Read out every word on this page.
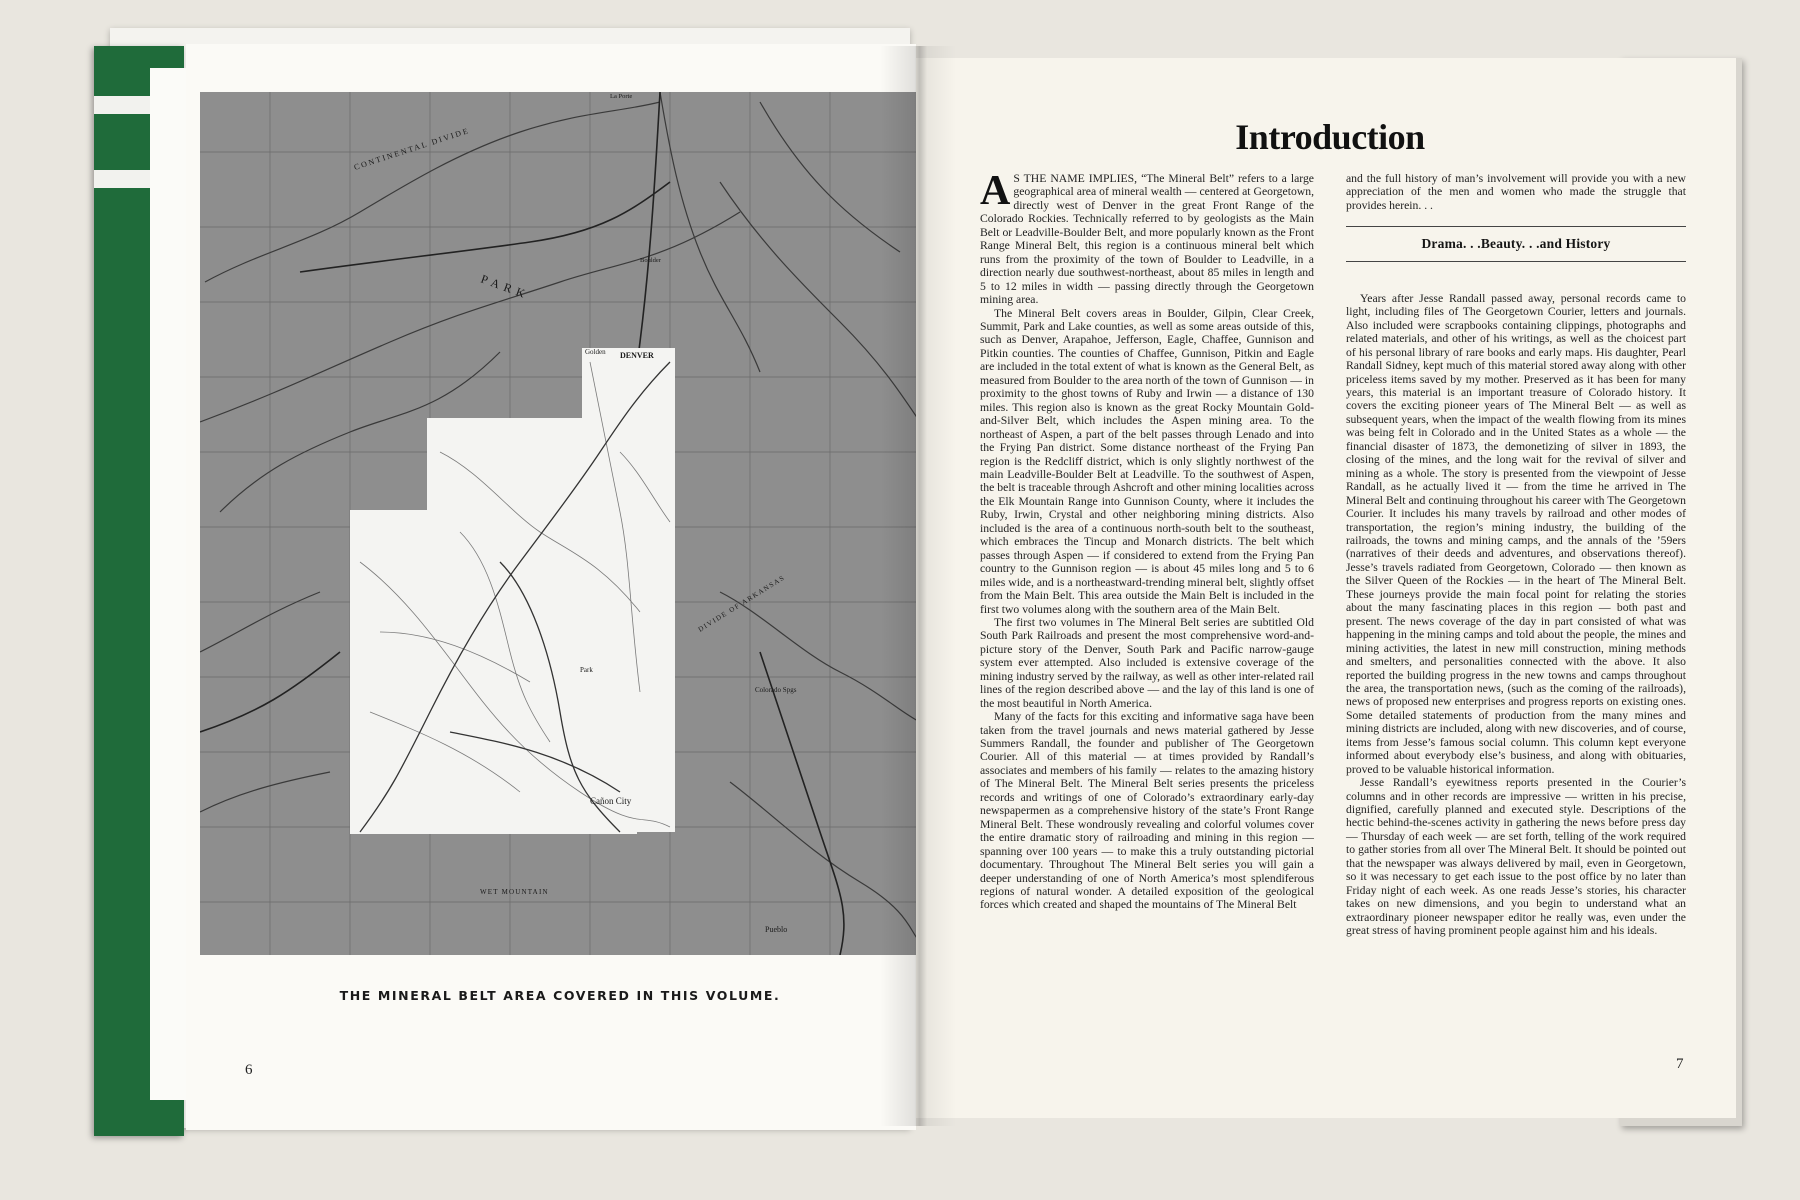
Golden DENVER
CONTINENTAL DIVIDE
PARK
DIVIDE OF ARKANSAS
WET MOUNTAIN
Cañon City
Pueblo
Colorado Spgs
La Porte
Boulder
Park
THE MINERAL BELT AREA COVERED IN THIS VOLUME.
6
Introduction

A S THE NAME IMPLIES, “The Mineral Belt” refers to a large geographical area of mineral wealth — centered at Georgetown, directly west of Denver in the great Front Range of the Colorado Rockies. Technically referred to by geologists as the Main Belt or Leadville-Boulder Belt, and more popularly known as the Front Range Mineral Belt, this region is a continuous mineral belt which runs from the proximity of the town of Boulder to Leadville, in a direction nearly due southwest-northeast, about 85 miles in length and 5 to 12 miles in width — passing directly through the Georgetown mining area.

The Mineral Belt covers areas in Boulder, Gilpin, Clear Creek, Summit, Park and Lake counties, as well as some areas outside of this, such as Denver, Arapahoe, Jefferson, Eagle, Chaffee, Gunnison and Pitkin counties. The counties of Chaffee, Gunnison, Pitkin and Eagle are included in the total extent of what is known as the General Belt, as measured from Boulder to the area north of the town of Gunnison — in proximity to the ghost towns of Ruby and Irwin — a distance of 130 miles. This region also is known as the great Rocky Mountain Gold-and-Silver Belt, which includes the Aspen mining area. To the northeast of Aspen, a part of the belt passes through Lenado and into the Frying Pan district. Some distance northeast of the Frying Pan region is the Redcliff district, which is only slightly northwest of the main Leadville-Boulder Belt at Leadville. To the southwest of Aspen, the belt is traceable through Ashcroft and other mining localities across the Elk Mountain Range into Gunnison County, where it includes the Ruby, Irwin, Crystal and other neighboring mining districts. Also included is the area of a continuous north-south belt to the southeast, which embraces the Tincup and Monarch districts. The belt which passes through Aspen — if considered to extend from the Frying Pan country to the Gunnison region — is about 45 miles long and 5 to 6 miles wide, and is a northeastward-trending mineral belt, slightly offset from the Main Belt. This area outside the Main Belt is included in the first two volumes along with the southern area of the Main Belt.

The first two volumes in The Mineral Belt series are subtitled Old South Park Railroads and present the most comprehensive word-and-picture story of the Denver, South Park and Pacific narrow-gauge system ever attempted. Also included is extensive coverage of the mining industry served by the railway, as well as other inter-related rail lines of the region described above — and the lay of this land is one of the most beautiful in North America.

Many of the facts for this exciting and informative saga have been taken from the travel journals and news material gathered by Jesse Summers Randall, the founder and publisher of The Georgetown Courier. All of this material — at times provided by Randall’s associates and members of his family — relates to the amazing history of The Mineral Belt. The Mineral Belt series presents the priceless records and writings of one of Colorado’s extraordinary early-day newspapermen as a comprehensive history of the state’s Front Range Mineral Belt. These wondrously revealing and colorful volumes cover the entire dramatic story of railroading and mining in this region — spanning over 100 years — to make this a truly outstanding pictorial documentary. Throughout The Mineral Belt series you will gain a deeper understanding of one of North America’s most splendiferous regions of natural wonder. A detailed exposition of the geological forces which created and shaped the mountains of The Mineral Belt

and the full history of man’s involvement will provide you with a new appreciation of the men and women who made the struggle that provides herein. . .

Drama. . .Beauty. . .and History

Years after Jesse Randall passed away, personal records came to light, including files of The Georgetown Courier, letters and journals. Also included were scrapbooks containing clippings, photographs and related materials, and other of his writings, as well as the choicest part of his personal library of rare books and early maps. His daughter, Pearl Randall Sidney, kept much of this material stored away along with other priceless items saved by my mother. Preserved as it has been for many years, this material is an important treasure of Colorado history. It covers the exciting pioneer years of The Mineral Belt — as well as subsequent years, when the impact of the wealth flowing from its mines was being felt in Colorado and in the United States as a whole — the financial disaster of 1873, the demonetizing of silver in 1893, the closing of the mines, and the long wait for the revival of silver and mining as a whole. The story is presented from the viewpoint of Jesse Randall, as he actually lived it — from the time he arrived in The Mineral Belt and continuing throughout his career with The Georgetown Courier. It includes his many travels by railroad and other modes of transportation, the region’s mining industry, the building of the railroads, the towns and mining camps, and the annals of the ’59ers (narratives of their deeds and adventures, and observations thereof). Jesse’s travels radiated from Georgetown, Colorado — then known as the Silver Queen of the Rockies — in the heart of The Mineral Belt. These journeys provide the main focal point for relating the stories about the many fascinating places in this region — both past and present. The news coverage of the day in part consisted of what was happening in the mining camps and told about the people, the mines and mining activities, the latest in new mill construction, mining methods and smelters, and personalities connected with the above. It also reported the building progress in the new towns and camps throughout the area, the transportation news, (such as the coming of the railroads), news of proposed new enterprises and progress reports on existing ones. Some detailed statements of production from the many mines and mining districts are included, along with new discoveries, and of course, items from Jesse’s famous social column. This column kept everyone informed about everybody else’s business, and along with obituaries, proved to be valuable historical information.

Jesse Randall’s eyewitness reports presented in the Courier’s columns and in other records are impressive — written in his precise, dignified, carefully planned and executed style. Descriptions of the hectic behind-the-scenes activity in gathering the news before press day — Thursday of each week — are set forth, telling of the work required to gather stories from all over The Mineral Belt. It should be pointed out that the newspaper was always delivered by mail, even in Georgetown, so it was necessary to get each issue to the post office by no later than Friday night of each week. As one reads Jesse’s stories, his character takes on new dimensions, and you begin to understand what an extraordinary pioneer newspaper editor he really was, even under the great stress of having prominent people against him and his ideals.

7
